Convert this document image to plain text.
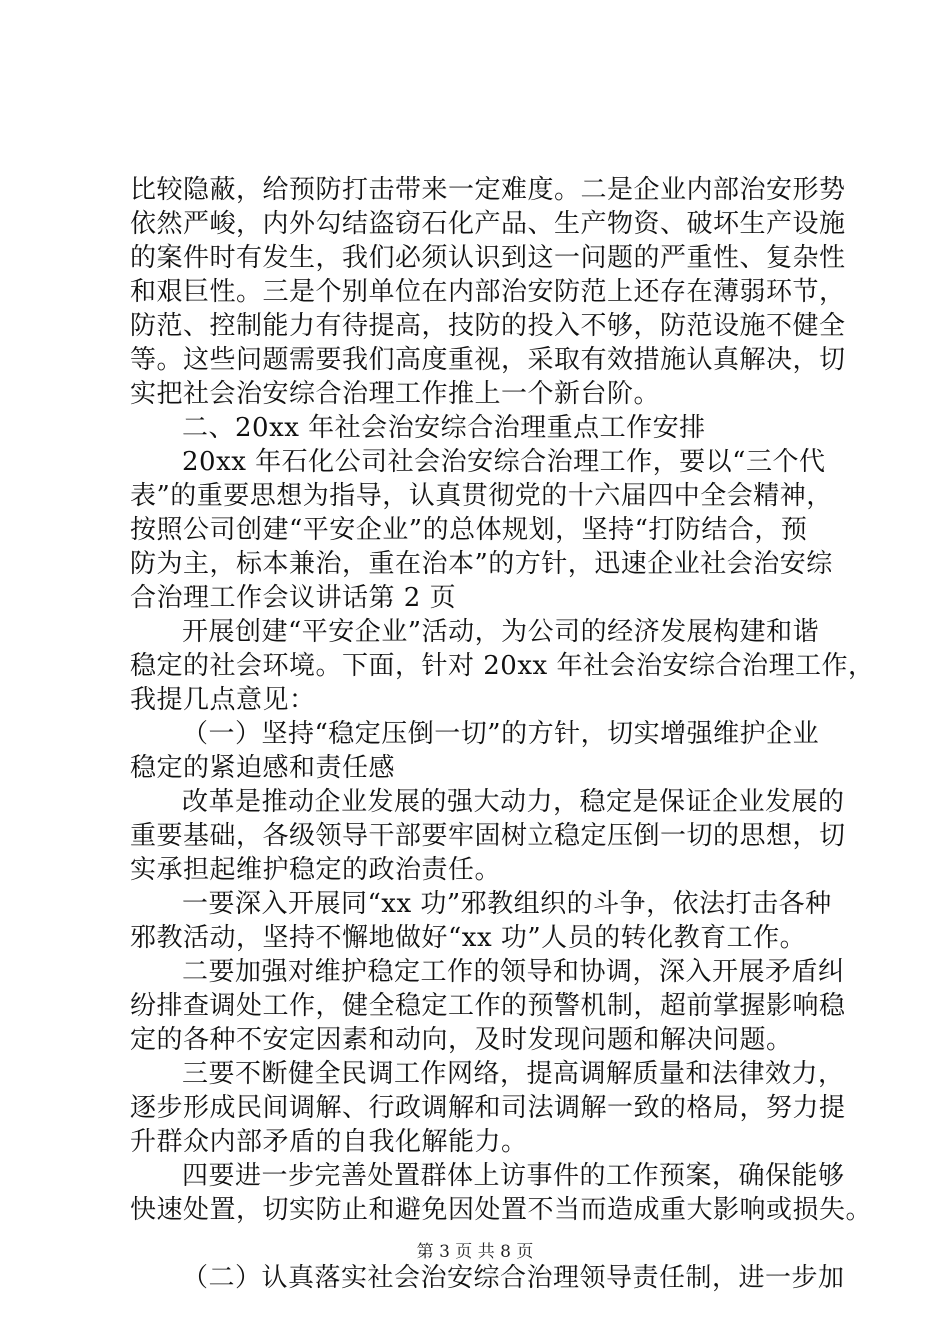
比较隐蔽，给预防打击带来一定难度。二是企业内部治安形势
依然严峻，内外勾结盗窃石化产品、生产物资、破坏生产设施
的案件时有发生，我们必须认识到这一问题的严重性、复杂性
和艰巨性。三是个别单位在内部治安防范上还存在薄弱环节，
防范、控制能力有待提高，技防的投入不够，防范设施不健全
等。这些问题需要我们高度重视，采取有效措施认真解决，切
实把社会治安综合治理工作推上一个新台阶。
二、20xx 年社会治安综合治理重点工作安排
20xx 年石化公司社会治安综合治理工作，要以“三个代
表”的重要思想为指导，认真贯彻党的十六届四中全会精神，
按照公司创建“平安企业”的总体规划，坚持“打防结合，预
防为主，标本兼治，重在治本”的方针，迅速企业社会治安综
合治理工作会议讲话第 2 页
开展创建“平安企业”活动，为公司的经济发展构建和谐
稳定的社会环境。下面，针对 20xx 年社会治安综合治理工作，
我提几点意见：
（一）坚持“稳定压倒一切”的方针，切实增强维护企业
稳定的紧迫感和责任感
改革是推动企业发展的强大动力，稳定是保证企业发展的
重要基础，各级领导干部要牢固树立稳定压倒一切的思想，切
实承担起维护稳定的政治责任。
一要深入开展同“xx 功”邪教组织的斗争，依法打击各种
邪教活动，坚持不懈地做好“xx 功”人员的转化教育工作。
二要加强对维护稳定工作的领导和协调，深入开展矛盾纠
纷排查调处工作，健全稳定工作的预警机制，超前掌握影响稳
定的各种不安定因素和动向，及时发现问题和解决问题。
三要不断健全民调工作网络，提高调解质量和法律效力，
逐步形成民间调解、行政调解和司法调解一致的格局，努力提
升群众内部矛盾的自我化解能力。
四要进一步完善处置群体上访事件的工作预案，确保能够
快速处置，切实防止和避免因处置不当而造成重大影响或损失。
（二）认真落实社会治安综合治理领导责任制，进一步加
第 3 页 共 8 页
